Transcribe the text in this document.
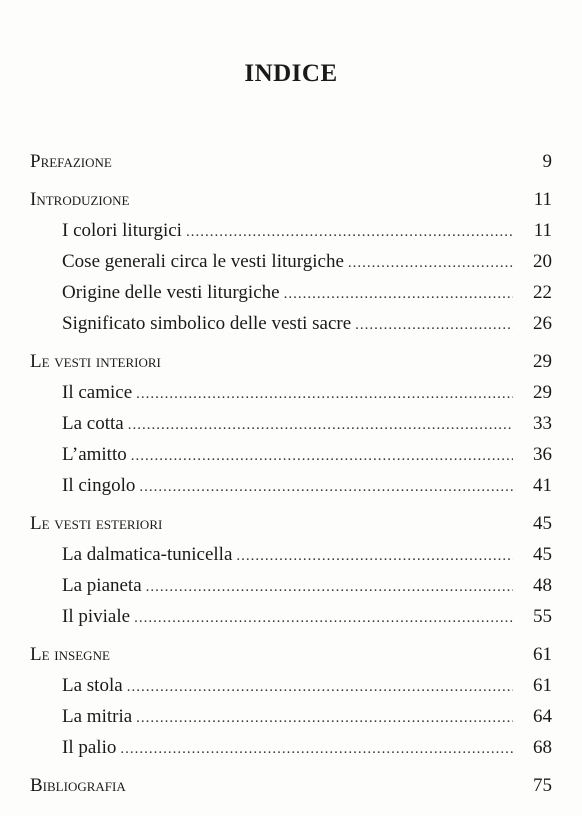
INDICE
Prefazione	9
Introduzione	11
I colori liturgici .....	11
Cose generali circa le vesti liturgiche .....	20
Origine delle vesti liturgiche .....	22
Significato simbolico delle vesti sacre .....	26
Le vesti interiori	29
Il camice .....	29
La cotta .....	33
L’amitto .....	36
Il cingolo .....	41
Le vesti esteriori	45
La dalmatica-tunicella .....	45
La pianeta .....	48
Il piviale .....	55
Le insegne	61
La stola .....	61
La mitria .....	64
Il palio .....	68
Bibliografia	75
